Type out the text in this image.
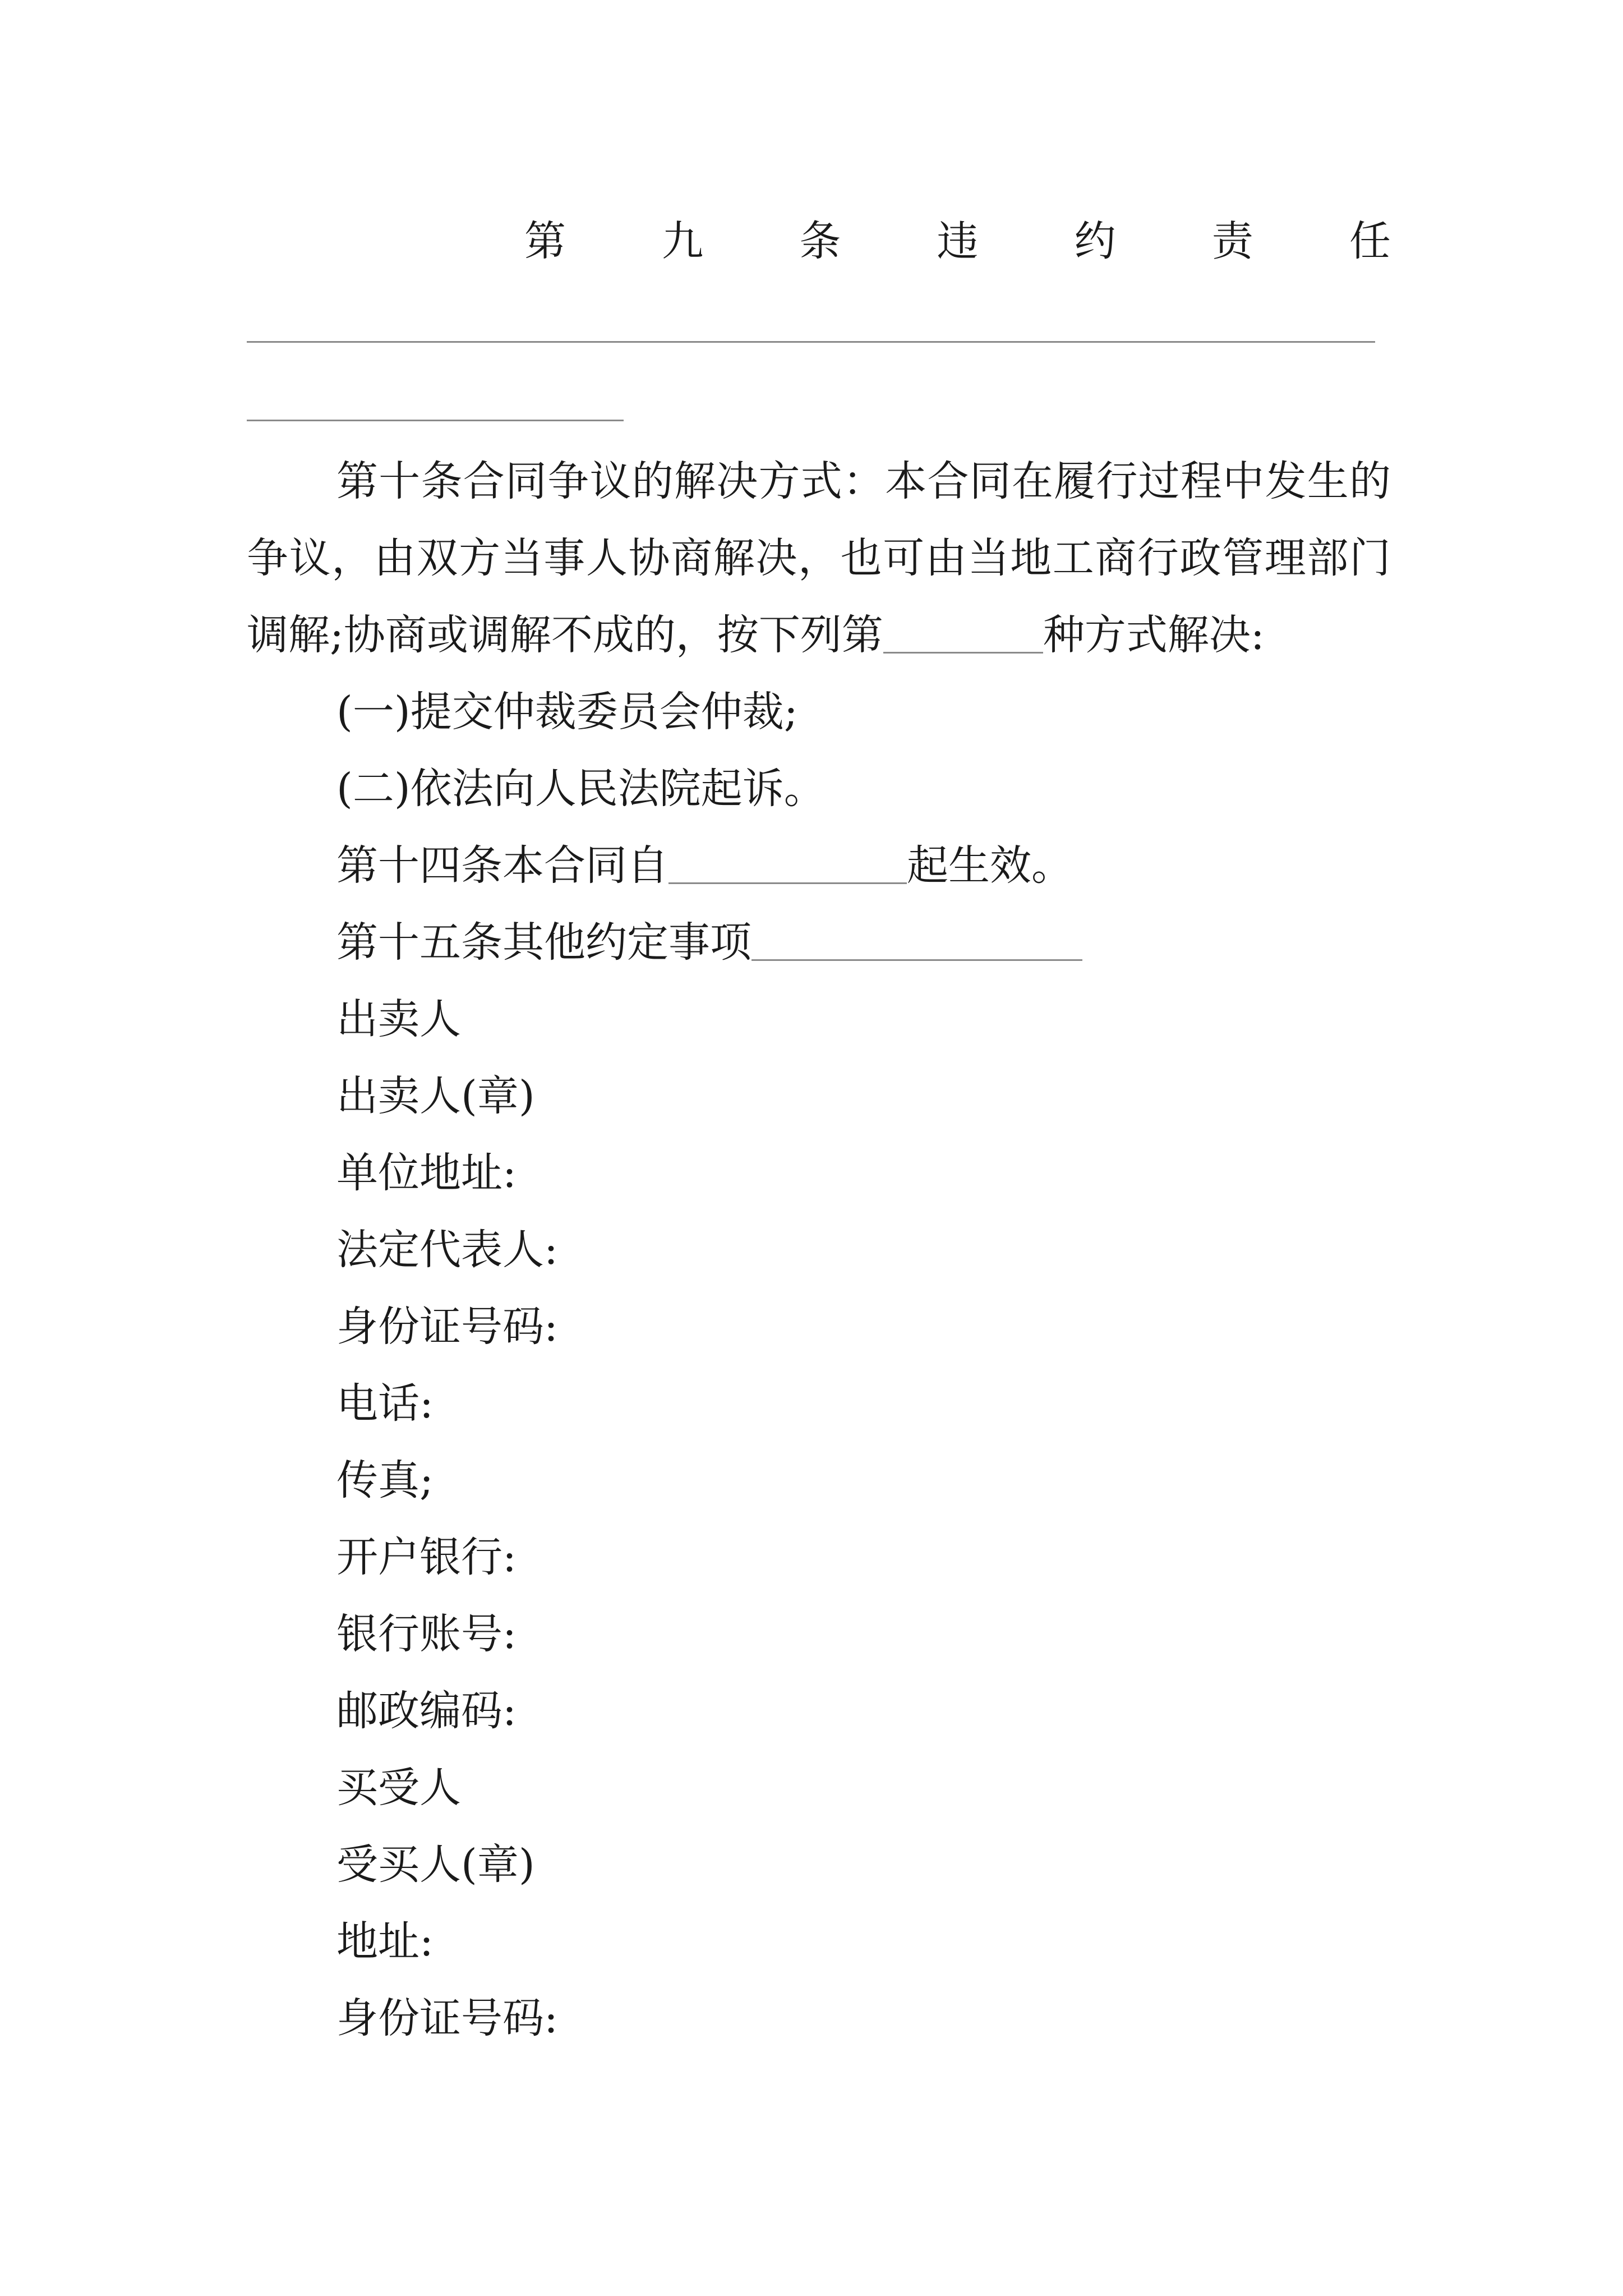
第 九 条 违 约 责 任

第十条合同争议的解决方式：本合同在履行过程中发生的争议，由双方当事人协商解决，也可由当地工商行政管理部门调解;协商或调解不成的，按下列第	种方式解决:

(一)提交仲裁委员会仲裁;
(二)依法向人民法院起诉。
第十四条本合同自	起生效。
第十五条其他约定事项
出卖人
出卖人(章)
单位地址:
法定代表人:
身份证号码:
电话:
传真;
开户银行:
银行账号:
邮政编码:
买受人
受买人(章)
地址:
身份证号码:
